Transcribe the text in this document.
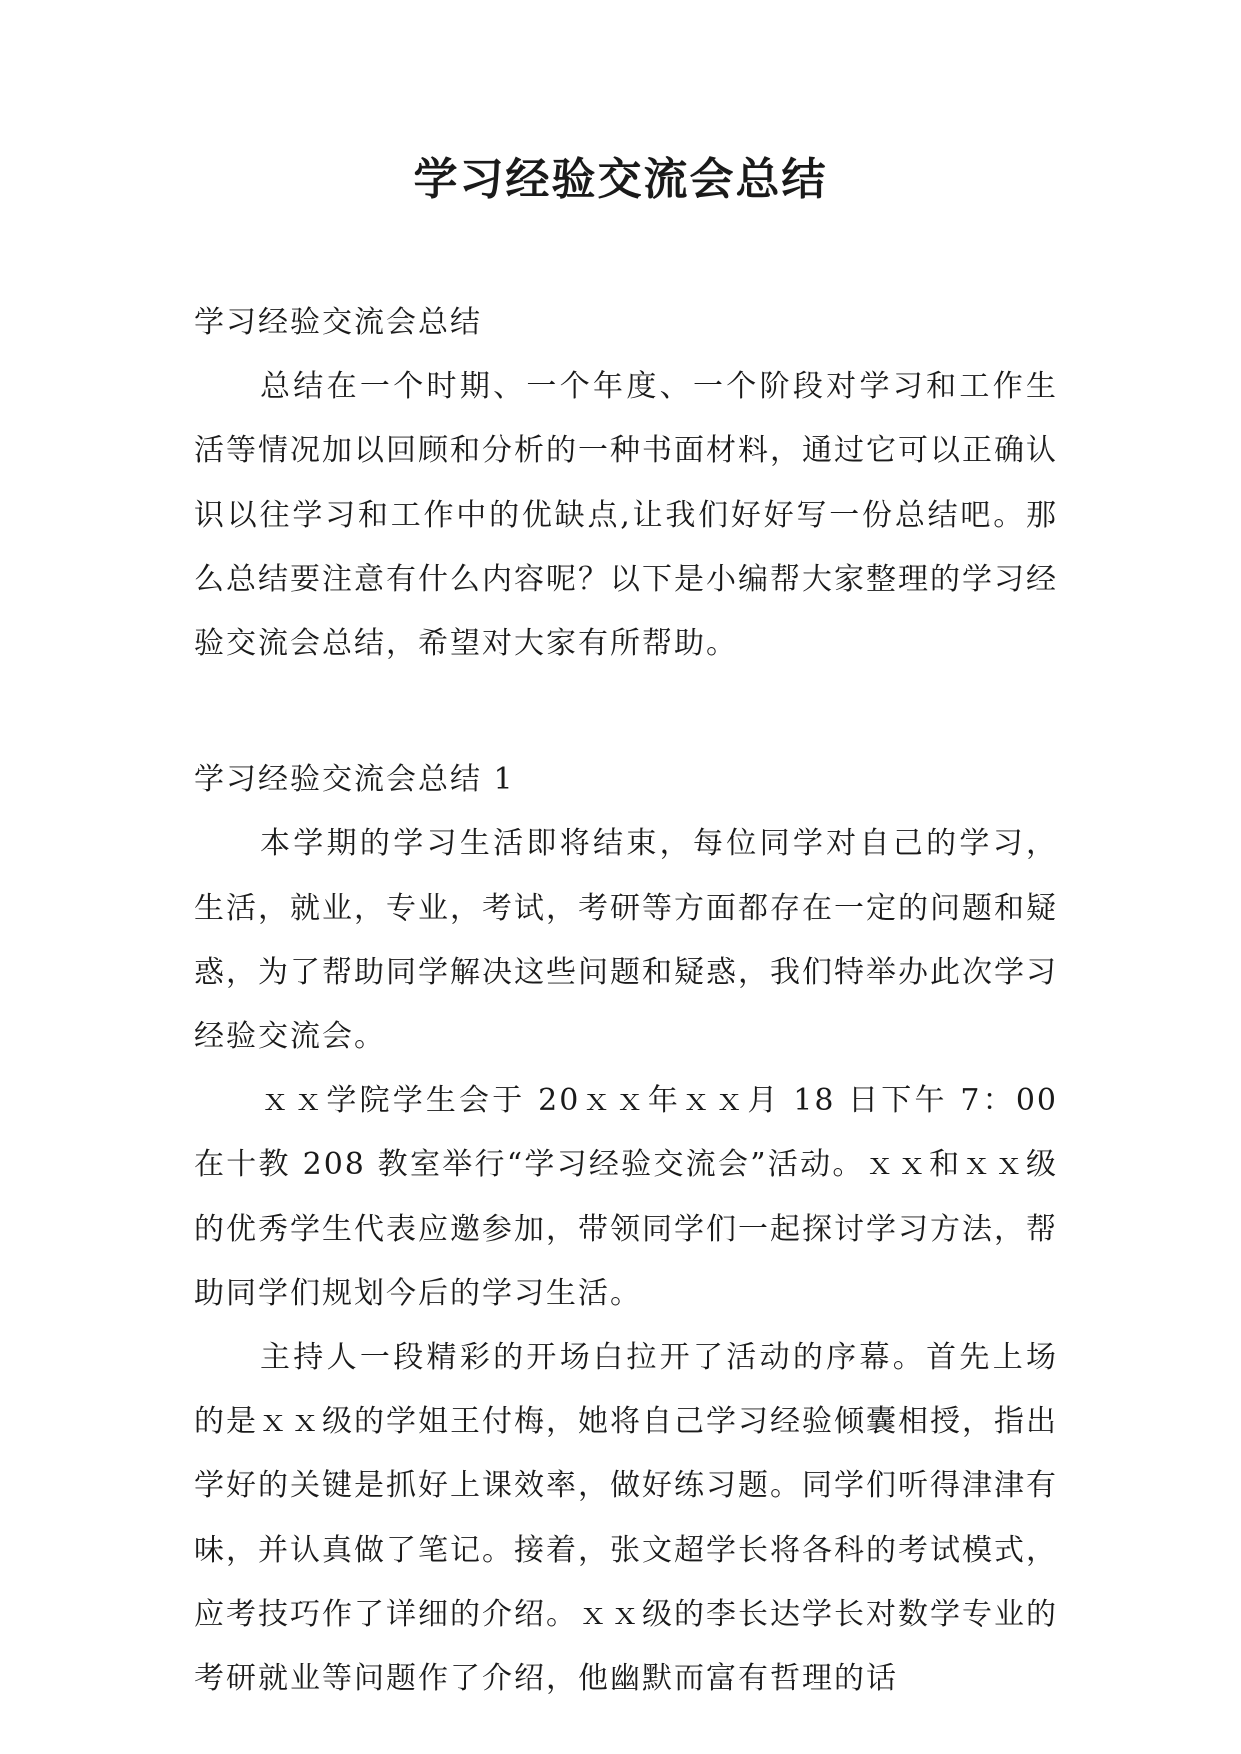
学习经验交流会总结

学习经验交流会总结

总结在一个时期、一个年度、一个阶段对学习和工作生活等情况加以回顾和分析的一种书面材料，通过它可以正确认识以往学习和工作中的优缺点,让我们好好写一份总结吧。那么总结要注意有什么内容呢？以下是小编帮大家整理的学习经验交流会总结，希望对大家有所帮助。

学习经验交流会总结 1

本学期的学习生活即将结束，每位同学对自己的学习，生活，就业，专业，考试，考研等方面都存在一定的问题和疑惑，为了帮助同学解决这些问题和疑惑，我们特举办此次学习经验交流会。

ｘｘ学院学生会于 20ｘｘ年ｘｘ月 18 日下午 7：00 在十教 208 教室举行“学习经验交流会”活动。ｘｘ和ｘｘ级的优秀学生代表应邀参加，带领同学们一起探讨学习方法，帮助同学们规划今后的学习生活。

主持人一段精彩的开场白拉开了活动的序幕。首先上场的是ｘｘ级的学姐王付梅，她将自己学习经验倾囊相授，指出学好的关键是抓好上课效率，做好练习题。同学们听得津津有味，并认真做了笔记。接着，张文超学长将各科的考试模式，应考技巧作了详细的介绍。ｘｘ级的李长达学长对数学专业的考研就业等问题作了介绍，他幽默而富有哲理的话
